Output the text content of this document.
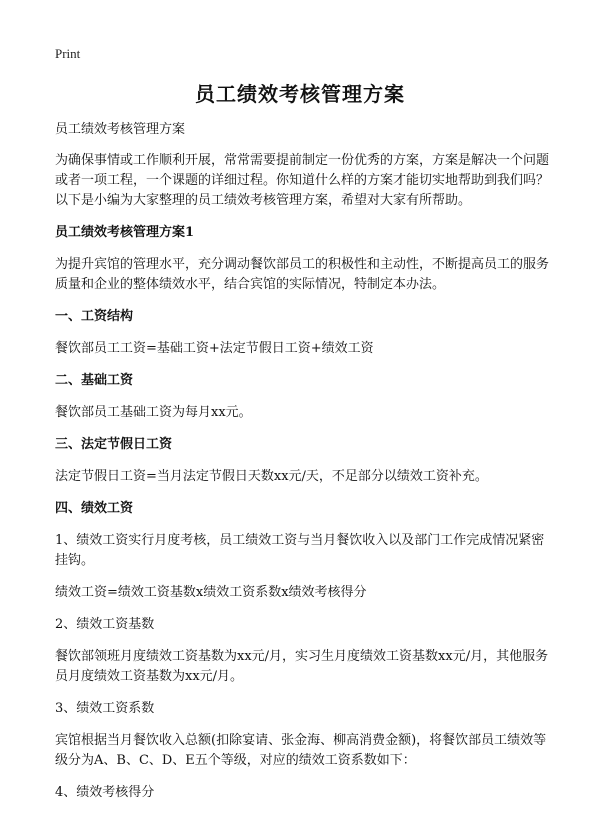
Print
员工绩效考核管理方案

员工绩效考核管理方案

为确保事情或工作顺利开展，常常需要提前制定一份优秀的方案，方案是解决一个问题或者一项工程，一个课题的详细过程。你知道什么样的方案才能切实地帮助到我们吗？以下是小编为大家整理的员工绩效考核管理方案，希望对大家有所帮助。

员工绩效考核管理方案1

为提升宾馆的管理水平，充分调动餐饮部员工的积极性和主动性，不断提高员工的服务质量和企业的整体绩效水平，结合宾馆的实际情况，特制定本办法。

一、工资结构

餐饮部员工工资=基础工资+法定节假日工资+绩效工资

二、基础工资

餐饮部员工基础工资为每月xx元。

三、法定节假日工资

法定节假日工资=当月法定节假日天数xx元/天，不足部分以绩效工资补充。

四、绩效工资

1、绩效工资实行月度考核，员工绩效工资与当月餐饮收入以及部门工作完成情况紧密挂钩。

绩效工资=绩效工资基数x绩效工资系数x绩效考核得分

2、绩效工资基数

餐饮部领班月度绩效工资基数为xx元/月，实习生月度绩效工资基数xx元/月，其他服务员月度绩效工资基数为xx元/月。

3、绩效工资系数

宾馆根据当月餐饮收入总额(扣除宴请、张金海、柳高消费金额)，将餐饮部员工绩效等级分为A、B、C、D、E五个等级，对应的绩效工资系数如下：

4、绩效考核得分
